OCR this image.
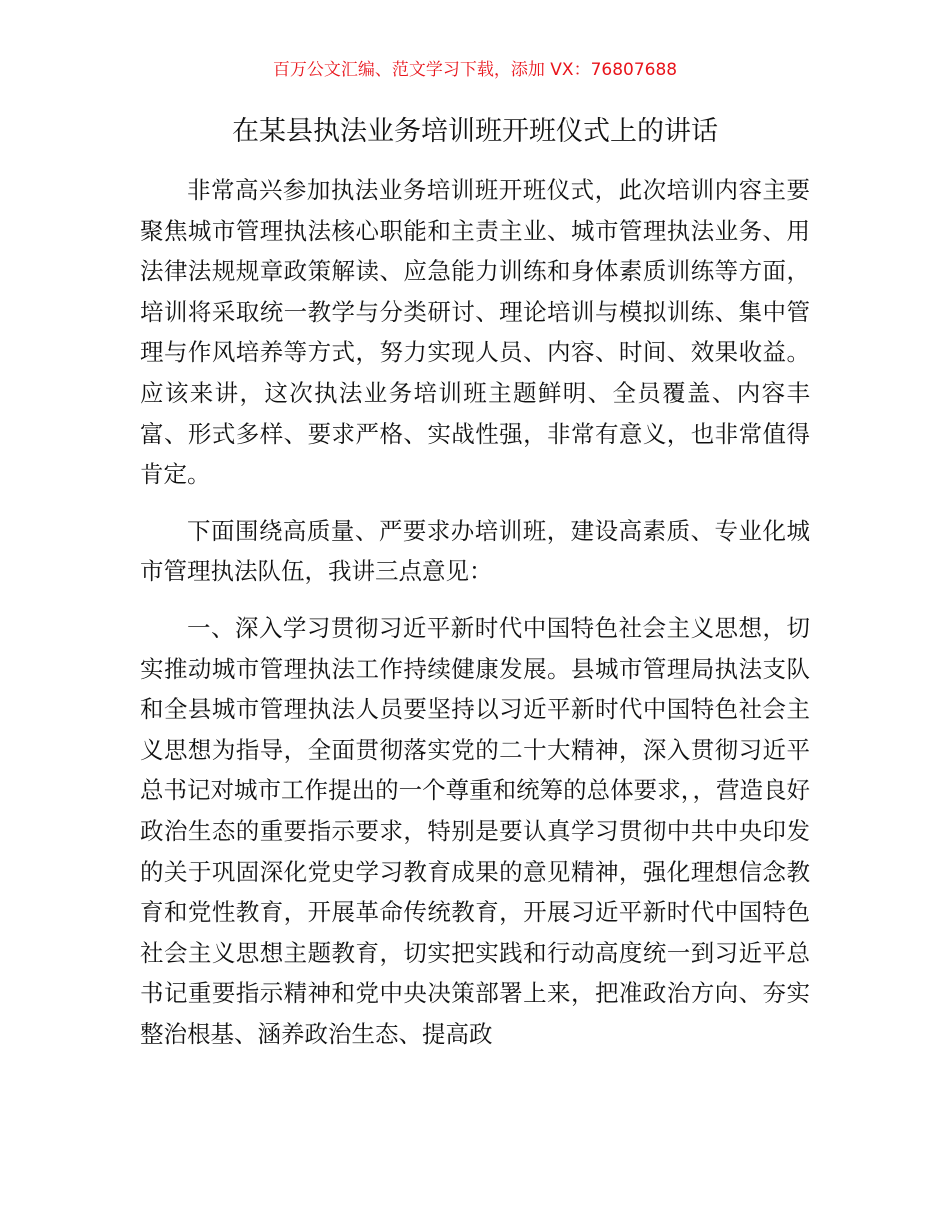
百万公文汇编、范文学习下载，添加 VX：76807688
在某县执法业务培训班开班仪式上的讲话

非常高兴参加执法业务培训班开班仪式，此次培训内容主要聚焦城市管理执法核心职能和主责主业、城市管理执法业务、用法律法规规章政策解读、应急能力训练和身体素质训练等方面，培训将采取统一教学与分类研讨、理论培训与模拟训练、集中管理与作风培养等方式，努力实现人员、内容、时间、效果收益。应该来讲，这次执法业务培训班主题鲜明、全员覆盖、内容丰富、形式多样、要求严格、实战性强，非常有意义，也非常值得肯定。

下面围绕高质量、严要求办培训班，建设高素质、专业化城市管理执法队伍，我讲三点意见：

一、深入学习贯彻习近平新时代中国特色社会主义思想，切实推动城市管理执法工作持续健康发展。县城市管理局执法支队和全县城市管理执法人员要坚持以习近平新时代中国特色社会主义思想为指导，全面贯彻落实党的二十大精神，深入贯彻习近平总书记对城市工作提出的一个尊重和统筹的总体要求，，营造良好政治生态的重要指示要求，特别是要认真学习贯彻中共中央印发的关于巩固深化党史学习教育成果的意见精神，强化理想信念教育和党性教育，开展革命传统教育，开展习近平新时代中国特色社会主义思想主题教育，切实把实践和行动高度统一到习近平总书记重要指示精神和党中央决策部署上来，把准政治方向、夯实整治根基、涵养政治生态、提高政
